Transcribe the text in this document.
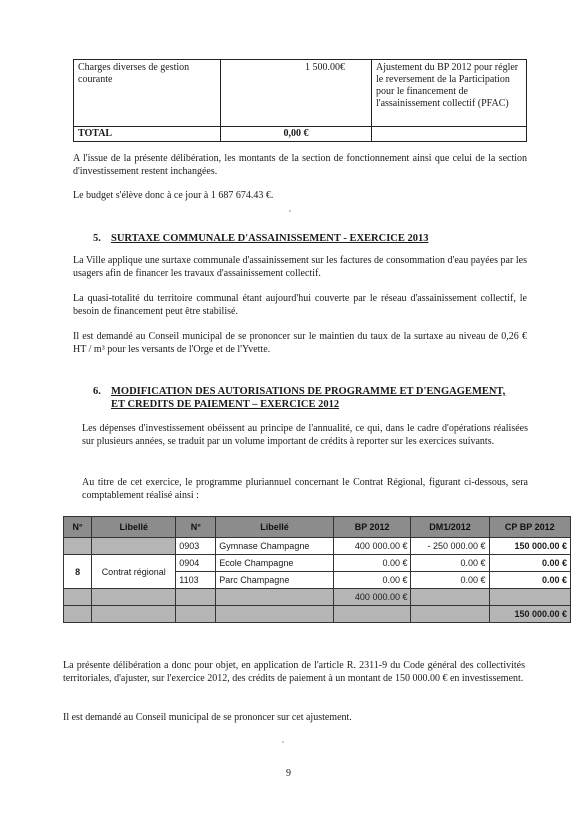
Charges diverses de gestion courante	1 500.00€	Ajustement du BP 2012 pour régler le reversement de la Participation pour le financement de l'assainissement collectif (PFAC)
TOTAL	0,00 €	
A l'issue de la présente délibération, les montants de la section de fonctionnement ainsi que celui de la section d'investissement restent inchangées.
Le budget s'élève donc à ce jour à 1 687 674.43 €.
5. SURTAXE COMMUNALE D'ASSAINISSEMENT - EXERCICE 2013
La Ville applique une surtaxe communale d'assainissement sur les factures de consommation d'eau payées par les usagers afin de financer les travaux d'assainissement collectif.
La quasi-totalité du territoire communal étant aujourd'hui couverte par le réseau d'assainissement collectif, le besoin de financement peut être stabilisé.
Il est demandé au Conseil municipal de se prononcer sur le maintien du taux de la surtaxe au niveau de 0,26 € HT / m³ pour les versants de l'Orge et de l'Yvette.
6. MODIFICATION DES AUTORISATIONS DE PROGRAMME ET D'ENGAGEMENT,
ET CREDITS DE PAIEMENT – EXERCICE 2012
Les dépenses d'investissement obéissent au principe de l'annualité, ce qui, dans le cadre d'opérations réalisées sur plusieurs années, se traduit par un volume important de crédits à reporter sur les exercices suivants.
Au titre de cet exercice, le programme pluriannuel concernant le Contrat Régional, figurant ci-dessous, sera comptablement réalisé ainsi :
N°	Libellé	N°	Libellé	BP 2012	DM1/2012	CP BP 2012
		0903	Gymnase Champagne	400 000.00 €	- 250 000.00 €	150 000.00 €
8	Contrat régional	0904	Ecole Champagne	0.00 €	0.00 €	0.00 €
		1103	Parc Champagne	0.00 €	0.00 €	0.00 €
				400 000.00 €		
						150 000.00 €
La présente délibération a donc pour objet, en application de l'article R. 2311-9 du Code général des collectivités territoriales, d'ajuster, sur l'exercice 2012, des crédits de paiement à un montant de 150 000.00 € en investissement.
Il est demandé au Conseil municipal de se prononcer sur cet ajustement.
9
